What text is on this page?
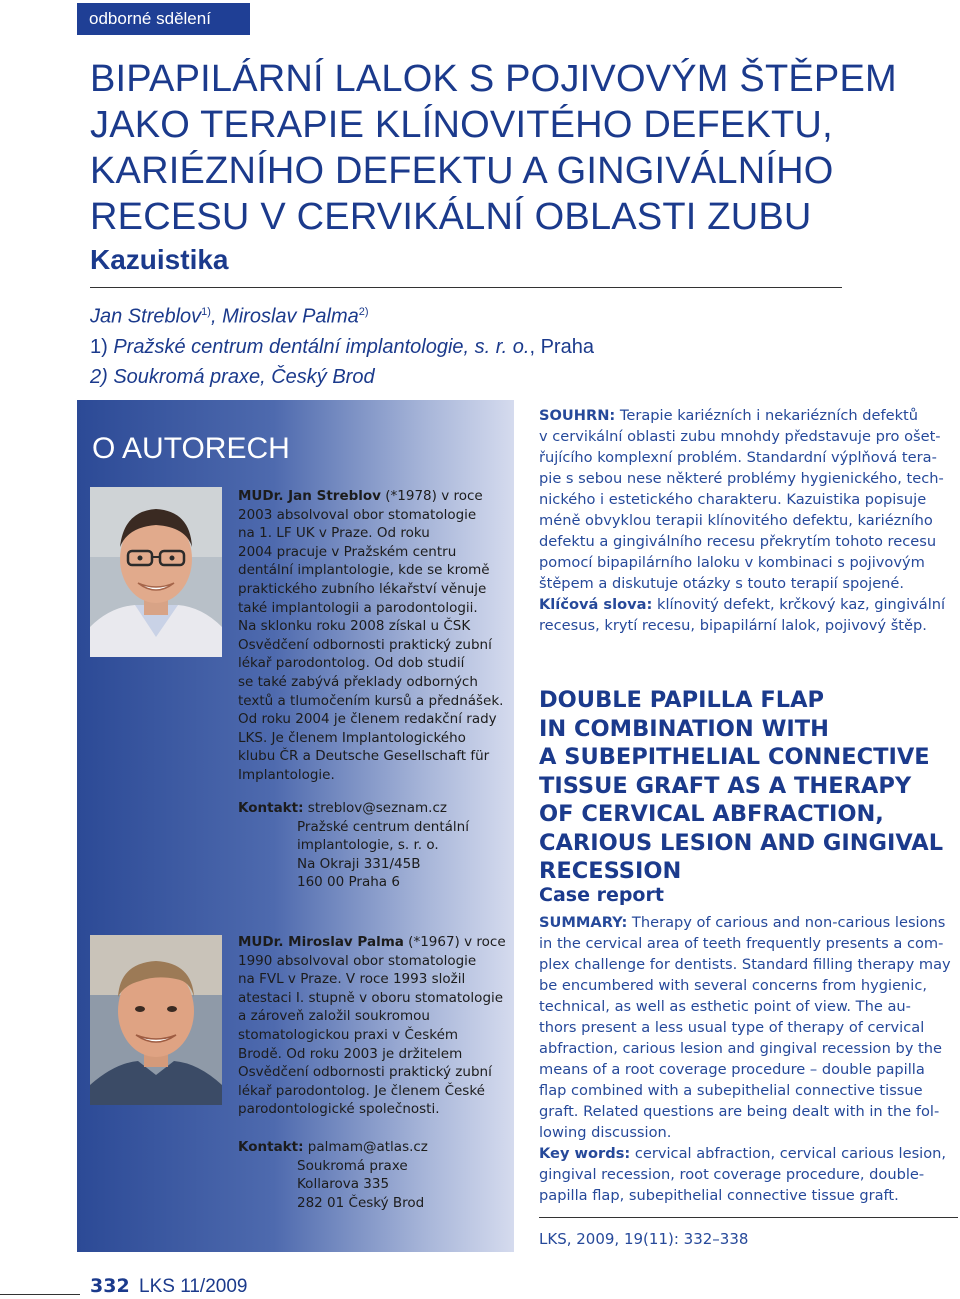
odborné sdělení
BIPAPILÁRNÍ LALOK S POJIVOVÝM ŠTĚPEM
JAKO TERAPIE KLÍNOVITÉHO DEFEKTU,
KARIÉZNÍHO DEFEKTU A GINGIVÁLNÍHO
RECESU V CERVIKÁLNÍ OBLASTI ZUBU
Kazuistika
Jan Streblov$^{1)}$, Miroslav Palma$^{2)}$
1) Pražské centrum dentální implantologie, s. r. o., Praha
2) Soukromá praxe, Český Brod
O AUTORECH
MUDr. Jan Streblov (*1978) v roce
2003 absolvoval obor stomatologie
na 1. LF UK v Praze. Od roku
2004 pracuje v Pražském centru
dentální implantologie, kde se kromě
praktického zubního lékařství věnuje
také implantologii a parodontologii.
Na sklonku roku 2008 získal u ČSK
Osvědčení odbornosti praktický zubní
lékař parodontolog. Od dob studií
se také zabývá překlady odborných
textů a tlumočením kursů a přednášek.
Od roku 2004 je členem redakční rady
LKS. Je členem Implantologického
klubu ČR a Deutsche Gesellschaft für
Implantologie.
Kontakt: streblov@seznam.cz
Pražské centrum dentální
implantologie, s. r. o.
Na Okraji 331/45B
160 00 Praha 6
MUDr. Miroslav Palma (*1967) v roce
1990 absolvoval obor stomatologie
na FVL v Praze. V roce 1993 složil
atestaci I. stupně v oboru stomatologie
a zároveň založil soukromou
stomatologickou praxi v Českém
Brodě. Od roku 2003 je držitelem
Osvědčení odbornosti praktický zubní
lékař parodontolog. Je členem České
parodontologické společnosti.
Kontakt: palmam@atlas.cz
Soukromá praxe
Kollarova 335
282 01 Český Brod
SOUHRN: Terapie kariézních i nekariézních defektů
v cervikální oblasti zubu mnohdy představuje pro ošet-
řujícího komplexní problém. Standardní výplňová tera-
pie s sebou nese některé problémy hygienického, tech-
nického i estetického charakteru. Kazuistika popisuje
méně obvyklou terapii klínovitého defektu, kariézního
defektu a gingiválního recesu překrytím tohoto recesu
pomocí bipapilárního laloku v kombinaci s pojivovým
štěpem a diskutuje otázky s touto terapií spojené.
Klíčová slova: klínovitý defekt, krčkový kaz, gingivální
recesus, krytí recesu, bipapilární lalok, pojivový štěp.
DOUBLE PAPILLA FLAP
IN COMBINATION WITH
A SUBEPITHELIAL CONNECTIVE
TISSUE GRAFT AS A THERAPY
OF CERVICAL ABFRACTION,
CARIOUS LESION AND GINGIVAL
RECESSION
Case report
SUMMARY: Therapy of carious and non-carious lesions
in the cervical area of teeth frequently presents a com-
plex challenge for dentists. Standard filling therapy may
be encumbered with several concerns from hygienic,
technical, as well as esthetic point of view. The au-
thors present a less usual type of therapy of cervical
abfraction, carious lesion and gingival recession by the
means of a root coverage procedure – double papilla
flap combined with a subepithelial connective tissue
graft. Related questions are being dealt with in the fol-
lowing discussion.
Key words: cervical abfraction, cervical carious lesion,
gingival recession, root coverage procedure, double-
papilla flap, subepithelial connective tissue graft.
LKS, 2009, 19(11): 332–338
332 LKS 11/2009
